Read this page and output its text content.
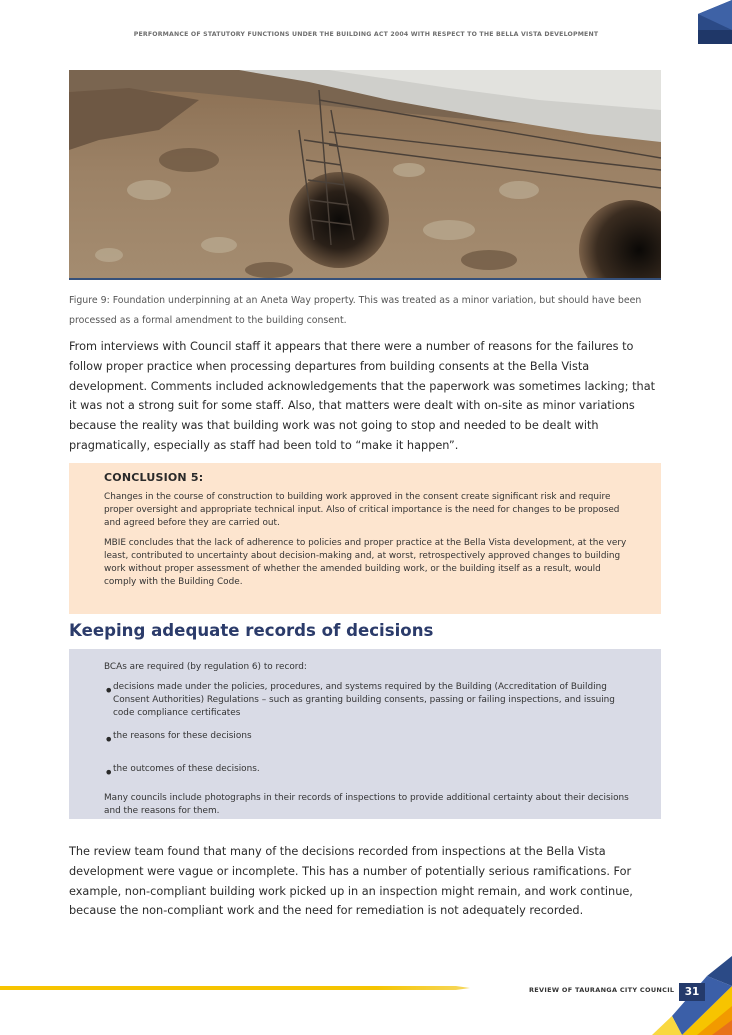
PERFORMANCE OF STATUTORY FUNCTIONS UNDER THE BUILDING ACT 2004 WITH RESPECT TO THE BELLA VISTA DEVELOPMENT
Figure 9: Foundation underpinning at an Aneta Way property. This was treated as a minor variation, but should have been processed as a formal amendment to the building consent.
From interviews with Council staff it appears that there were a number of reasons for the failures to follow proper practice when processing departures from building consents at the Bella Vista development. Comments included acknowledgements that the paperwork was sometimes lacking; that it was not a strong suit for some staff. Also, that matters were dealt with on-site as minor variations because the reality was that building work was not going to stop and needed to be dealt with pragmatically, especially as staff had been told to “make it happen”.
CONCLUSION 5:

Changes in the course of construction to building work approved in the consent create significant risk and require proper oversight and appropriate technical input. Also of critical importance is the need for changes to be proposed and agreed before they are carried out.

MBIE concludes that the lack of adherence to policies and proper practice at the Bella Vista development, at the very least, contributed to uncertainty about decision-making and, at worst, retrospectively approved changes to building work without proper assessment of whether the amended building work, or the building itself as a result, would comply with the Building Code.

Keeping adequate records of decisions

BCAs are required (by regulation 6) to record:

• decisions made under the policies, procedures, and systems required by the Building (Accreditation of Building Consent Authorities) Regulations – such as granting building consents, passing or failing inspections, and issuing code compliance certificates

• the reasons for these decisions

• the outcomes of these decisions.

Many councils include photographs in their records of inspections to provide additional certainty about their decisions and the reasons for them.

The review team found that many of the decisions recorded from inspections at the Bella Vista development were vague or incomplete. This has a number of potentially serious ramifications. For example, non-compliant building work picked up in an inspection might remain, and work continue, because the non-compliant work and the need for remediation is not adequately recorded.
REVIEW OF TAURANGA CITY COUNCIL 31
